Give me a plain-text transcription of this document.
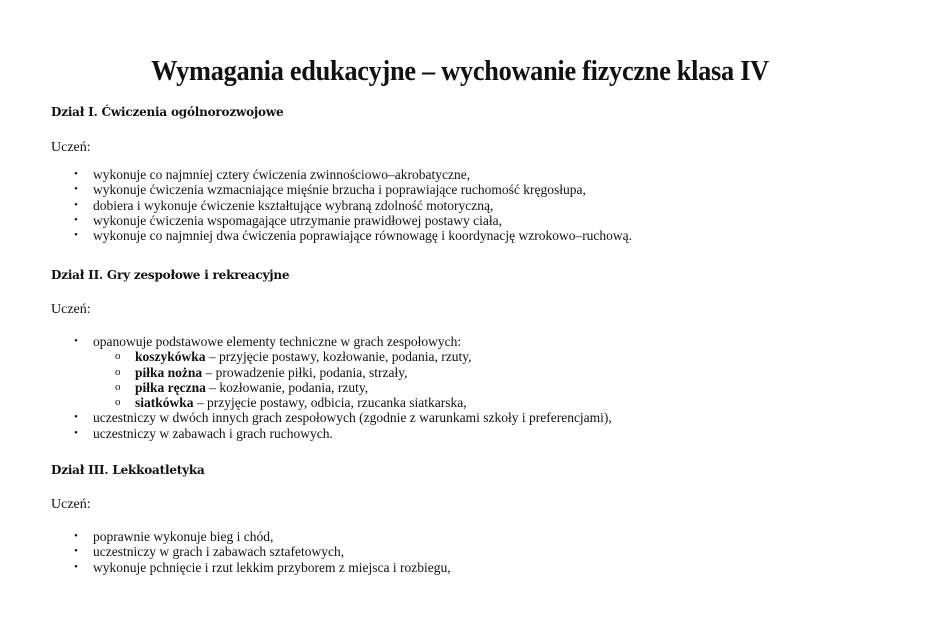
Wymagania edukacyjne – wychowanie fizyczne klasa IV
Dział I. Ćwiczenia ogólnorozwojowe
Uczeń:
• wykonuje co najmniej cztery ćwiczenia zwinnościowo–akrobatyczne,
• wykonuje ćwiczenia wzmacniające mięśnie brzucha i poprawiające ruchomość kręgosłupa,
• dobiera i wykonuje ćwiczenie kształtujące wybraną zdolność motoryczną,
• wykonuje ćwiczenia wspomagające utrzymanie prawidłowej postawy ciała,
• wykonuje co najmniej dwa ćwiczenia poprawiające równowagę i koordynację wzrokowo–ruchową.
Dział II. Gry zespołowe i rekreacyjne
Uczeń:
• opanowuje podstawowe elementy techniczne w grach zespołowych:
o koszykówka – przyjęcie postawy, kozłowanie, podania, rzuty,
o piłka nożna – prowadzenie piłki, podania, strzały,
o piłka ręczna – kozłowanie, podania, rzuty,
o siatkówka – przyjęcie postawy, odbicia, rzucanka siatkarska,
• uczestniczy w dwóch innych grach zespołowych (zgodnie z warunkami szkoły i preferencjami),
• uczestniczy w zabawach i grach ruchowych.
Dział III. Lekkoatletyka
Uczeń:
• poprawnie wykonuje bieg i chód,
• uczestniczy w grach i zabawach sztafetowych,
• wykonuje pchnięcie i rzut lekkim przyborem z miejsca i rozbiegu,
